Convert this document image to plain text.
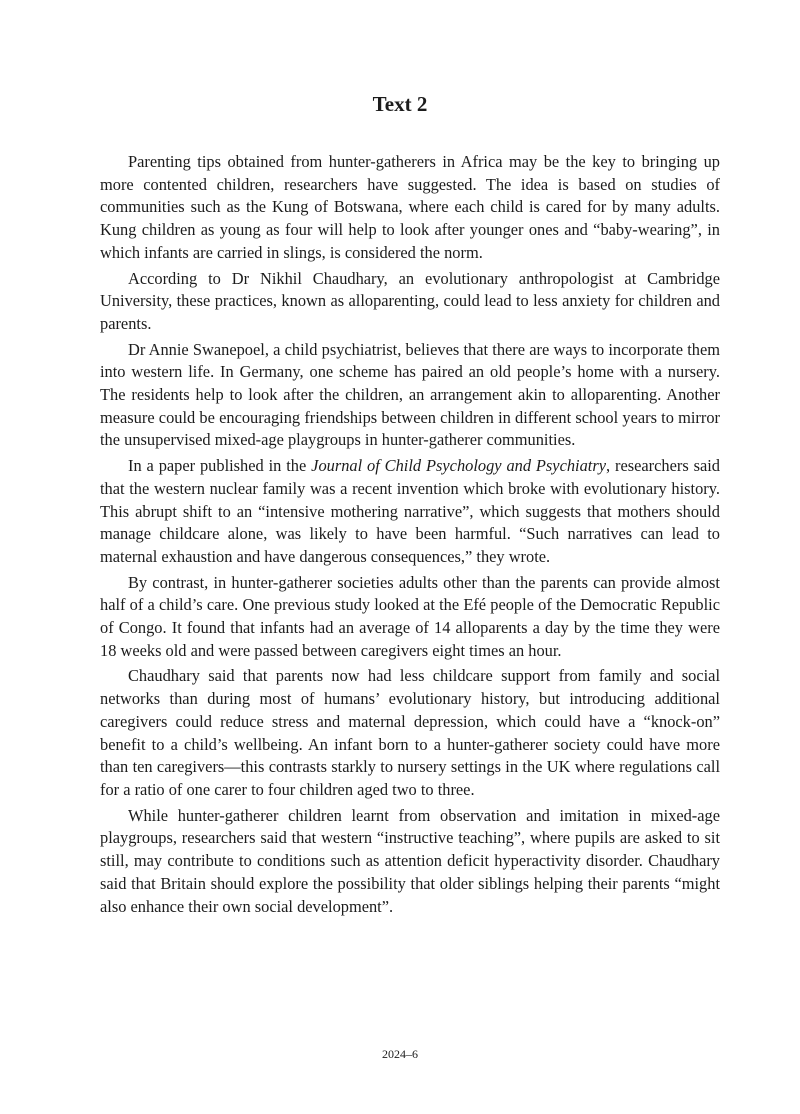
Text 2

Parenting tips obtained from hunter-gatherers in Africa may be the key to bringing up more contented children, researchers have suggested. The idea is based on studies of communities such as the Kung of Botswana, where each child is cared for by many adults. Kung children as young as four will help to look after younger ones and “baby-wearing”, in which infants are carried in slings, is considered the norm.

According to Dr Nikhil Chaudhary, an evolutionary anthropologist at Cambridge University, these practices, known as alloparenting, could lead to less anxiety for children and parents.

Dr Annie Swanepoel, a child psychiatrist, believes that there are ways to incorporate them into western life. In Germany, one scheme has paired an old people’s home with a nursery. The residents help to look after the children, an arrangement akin to alloparenting. Another measure could be encouraging friendships between children in different school years to mirror the unsupervised mixed-age playgroups in hunter-gatherer communities.

In a paper published in the Journal of Child Psychology and Psychiatry, researchers said that the western nuclear family was a recent invention which broke with evolutionary history. This abrupt shift to an “intensive mothering narrative”, which suggests that mothers should manage childcare alone, was likely to have been harmful. “Such narratives can lead to maternal exhaustion and have dangerous consequences,” they wrote.

By contrast, in hunter-gatherer societies adults other than the parents can provide almost half of a child’s care. One previous study looked at the Efé people of the Democratic Republic of Congo. It found that infants had an average of 14 alloparents a day by the time they were 18 weeks old and were passed between caregivers eight times an hour.

Chaudhary said that parents now had less childcare support from family and social networks than during most of humans’ evolutionary history, but introducing additional caregivers could reduce stress and maternal depression, which could have a “knock-on” benefit to a child’s wellbeing. An infant born to a hunter-gatherer society could have more than ten caregivers—this contrasts starkly to nursery settings in the UK where regulations call for a ratio of one carer to four children aged two to three.

While hunter-gatherer children learnt from observation and imitation in mixed-age playgroups, researchers said that western “instructive teaching”, where pupils are asked to sit still, may contribute to conditions such as attention deficit hyperactivity disorder. Chaudhary said that Britain should explore the possibility that older siblings helping their parents “might also enhance their own social development”.

2024–6
